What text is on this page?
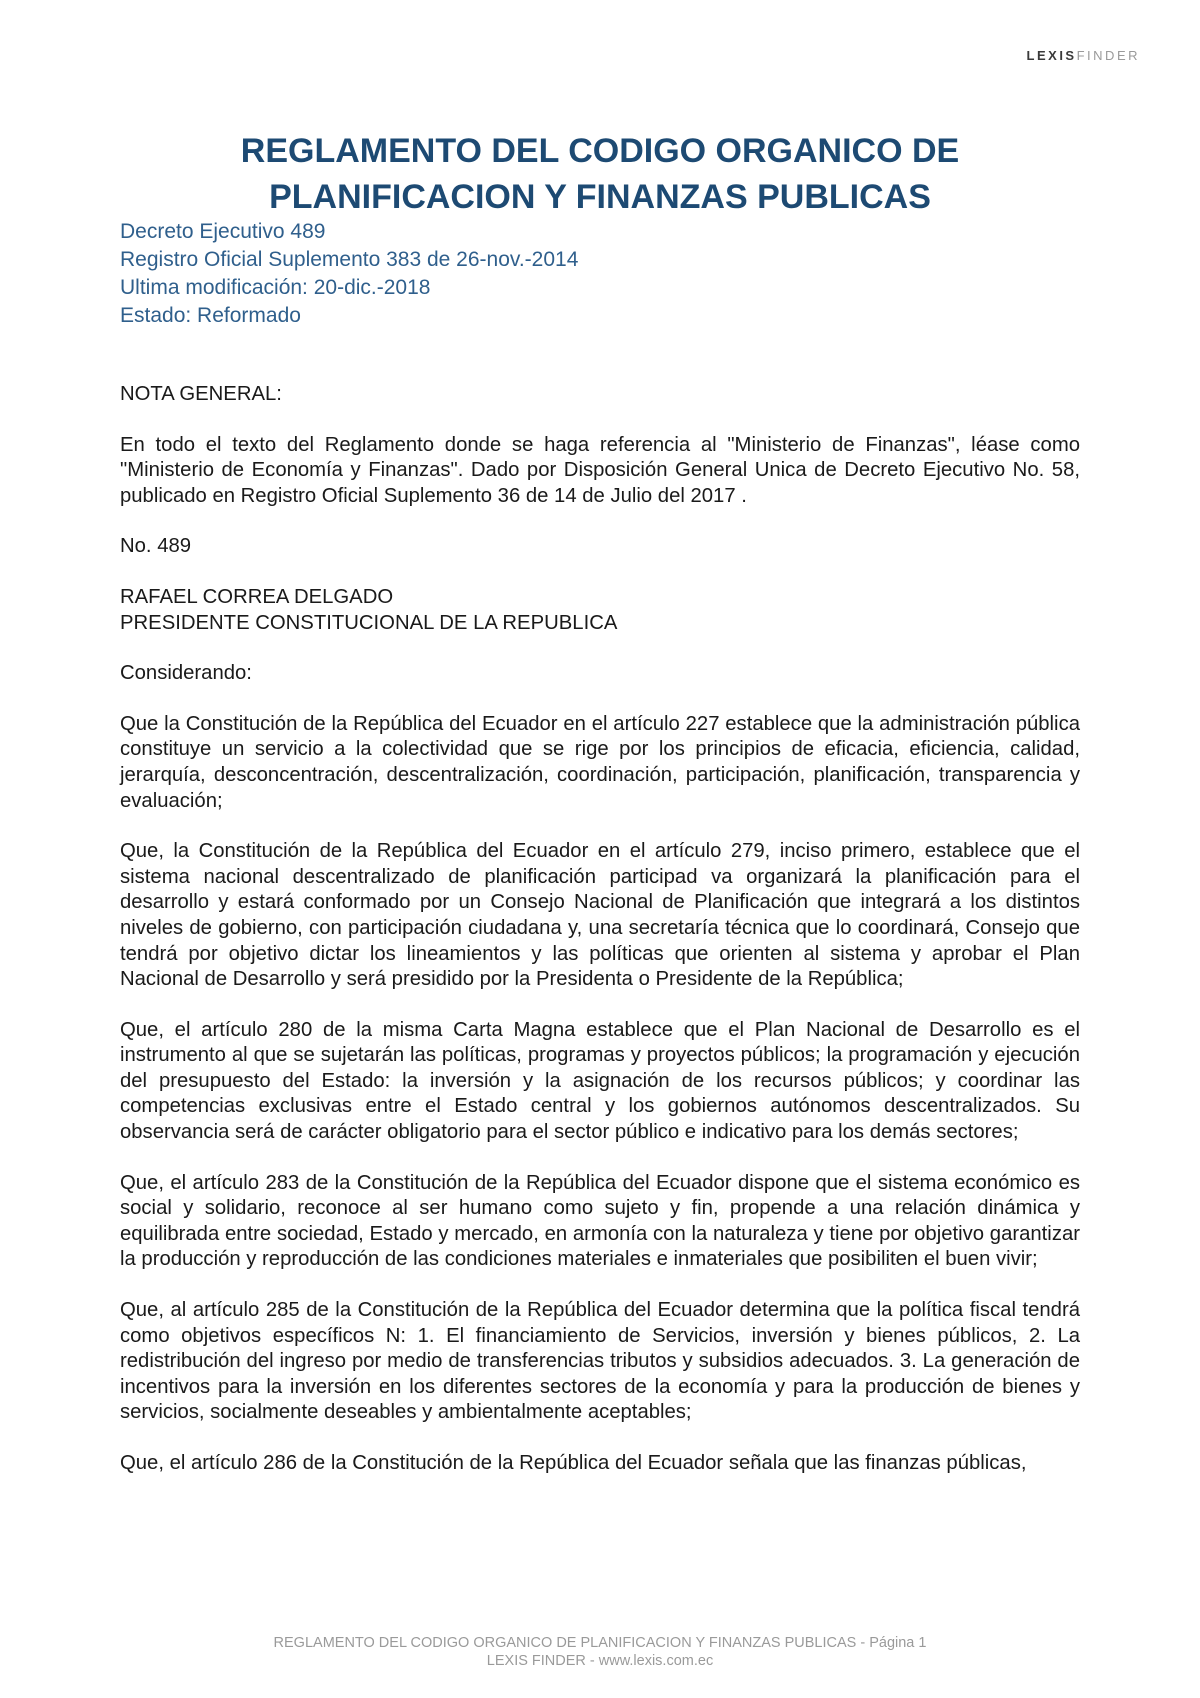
LEXISFINDER
REGLAMENTO DEL CODIGO ORGANICO DE
PLANIFICACION Y FINANZAS PUBLICAS
Decreto Ejecutivo 489
Registro Oficial Suplemento 383 de 26-nov.-2014
Ultima modificación: 20-dic.-2018
Estado: Reformado

NOTA GENERAL:

En todo el texto del Reglamento donde se haga referencia al "Ministerio de Finanzas", léase como "Ministerio de Economía y Finanzas". Dado por Disposición General Unica de Decreto Ejecutivo No. 58, publicado en Registro Oficial Suplemento 36 de 14 de Julio del 2017 .

No. 489

RAFAEL CORREA DELGADO
PRESIDENTE CONSTITUCIONAL DE LA REPUBLICA

Considerando:

Que la Constitución de la República del Ecuador en el artículo 227 establece que la administración pública constituye un servicio a la colectividad que se rige por los principios de eficacia, eficiencia, calidad, jerarquía, desconcentración, descentralización, coordinación, participación, planificación, transparencia y evaluación;

Que, la Constitución de la República del Ecuador en el artículo 279, inciso primero, establece que el sistema nacional descentralizado de planificación participad va organizará la planificación para el desarrollo y estará conformado por un Consejo Nacional de Planificación que integrará a los distintos niveles de gobierno, con participación ciudadana y, una secretaría técnica que lo coordinará, Consejo que tendrá por objetivo dictar los lineamientos y las políticas que orienten al sistema y aprobar el Plan Nacional de Desarrollo y será presidido por la Presidenta o Presidente de la República;

Que, el artículo 280 de la misma Carta Magna establece que el Plan Nacional de Desarrollo es el instrumento al que se sujetarán las políticas, programas y proyectos públicos; la programación y ejecución del presupuesto del Estado: la inversión y la asignación de los recursos públicos; y coordinar las competencias exclusivas entre el Estado central y los gobiernos autónomos descentralizados. Su observancia será de carácter obligatorio para el sector público e indicativo para los demás sectores;

Que, el artículo 283 de la Constitución de la República del Ecuador dispone que el sistema económico es social y solidario, reconoce al ser humano como sujeto y fin, propende a una relación dinámica y equilibrada entre sociedad, Estado y mercado, en armonía con la naturaleza y tiene por objetivo garantizar la producción y reproducción de las condiciones materiales e inmateriales que posibiliten el buen vivir;

Que, al artículo 285 de la Constitución de la República del Ecuador determina que la política fiscal tendrá como objetivos específicos N: 1. El financiamiento de Servicios, inversión y bienes públicos, 2. La redistribución del ingreso por medio de transferencias tributos y subsidios adecuados. 3. La generación de incentivos para la inversión en los diferentes sectores de la economía y para la producción de bienes y servicios, socialmente deseables y ambientalmente aceptables;

Que, el artículo 286 de la Constitución de la República del Ecuador señala que las finanzas públicas,

REGLAMENTO DEL CODIGO ORGANICO DE PLANIFICACION Y FINANZAS PUBLICAS - Página 1
LEXIS FINDER - www.lexis.com.ec
